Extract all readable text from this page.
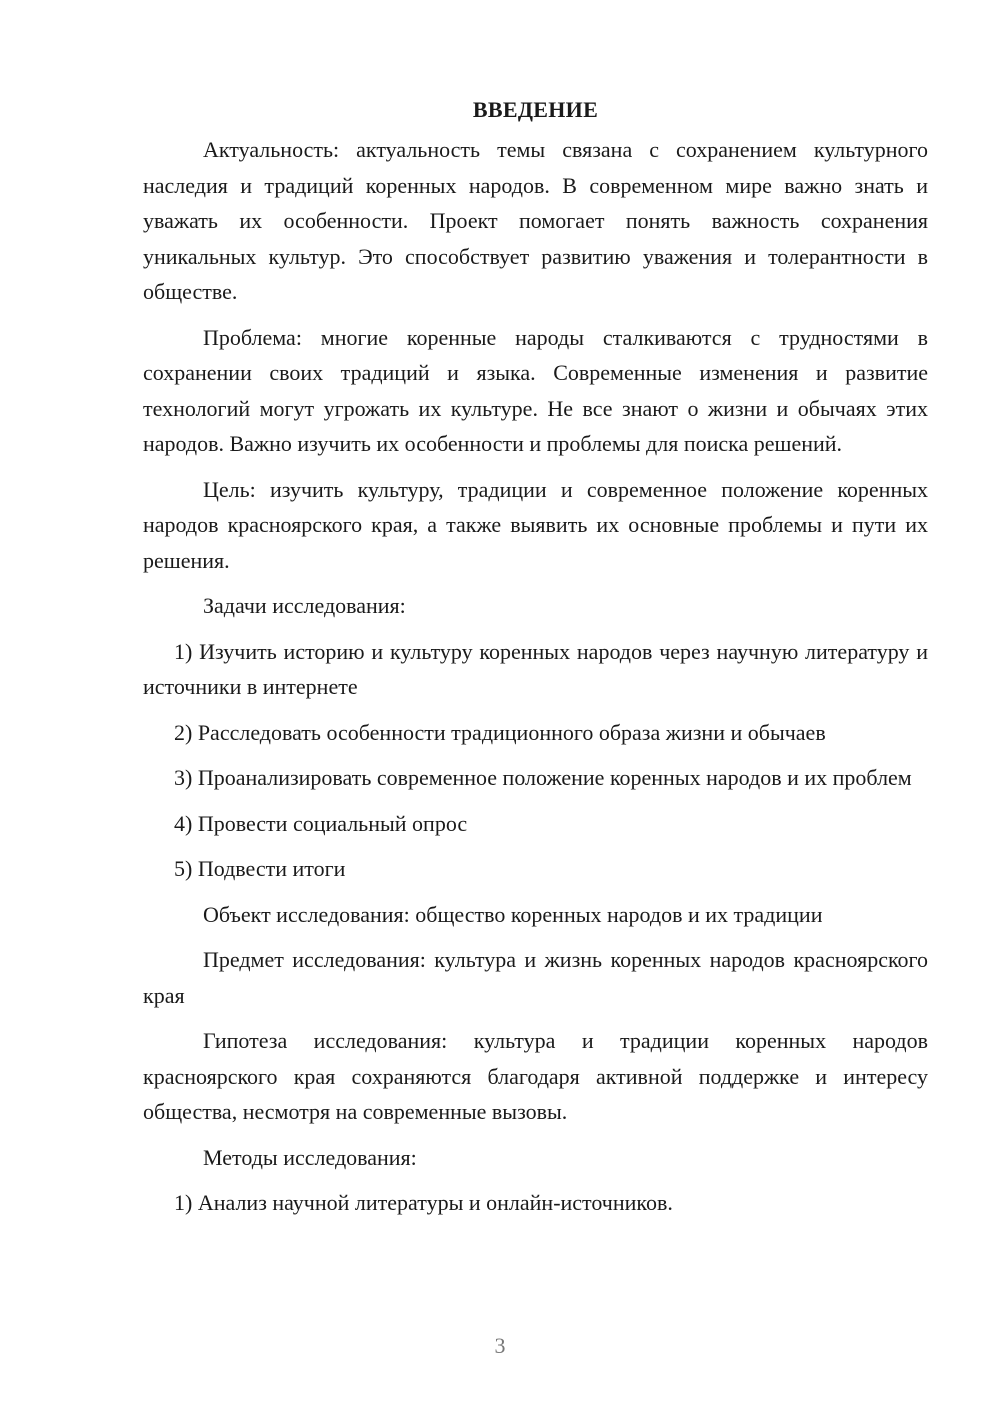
ВВЕДЕНИЕ

Актуальность: актуальность темы связана с сохранением культурного наследия и традиций коренных народов. В современном мире важно знать и уважать их особенности. Проект помогает понять важность сохранения уникальных культур. Это способствует развитию уважения и толерантности в обществе.

Проблема: многие коренные народы сталкиваются с трудностями в сохранении своих традиций и языка. Современные изменения и развитие технологий могут угрожать их культуре. Не все знают о жизни и обычаях этих народов. Важно изучить их особенности и проблемы для поиска решений.

Цель: изучить культуру, традиции и современное положение коренных народов красноярского края, а также выявить их основные проблемы и пути их решения.

Задачи исследования:

1) Изучить историю и культуру коренных народов через научную литературу и источники в интернете

2) Расследовать особенности традиционного образа жизни и обычаев

3) Проанализировать современное положение коренных народов и их проблем

4) Провести социальный опрос

5) Подвести итоги

Объект исследования: общество коренных народов и их традиции

Предмет исследования: культура и жизнь коренных народов красноярского края

Гипотеза исследования: культура и традиции коренных народов красноярского края сохраняются благодаря активной поддержке и интересу общества, несмотря на современные вызовы.

Методы исследования:

1) Анализ научной литературы и онлайн-источников.

3
